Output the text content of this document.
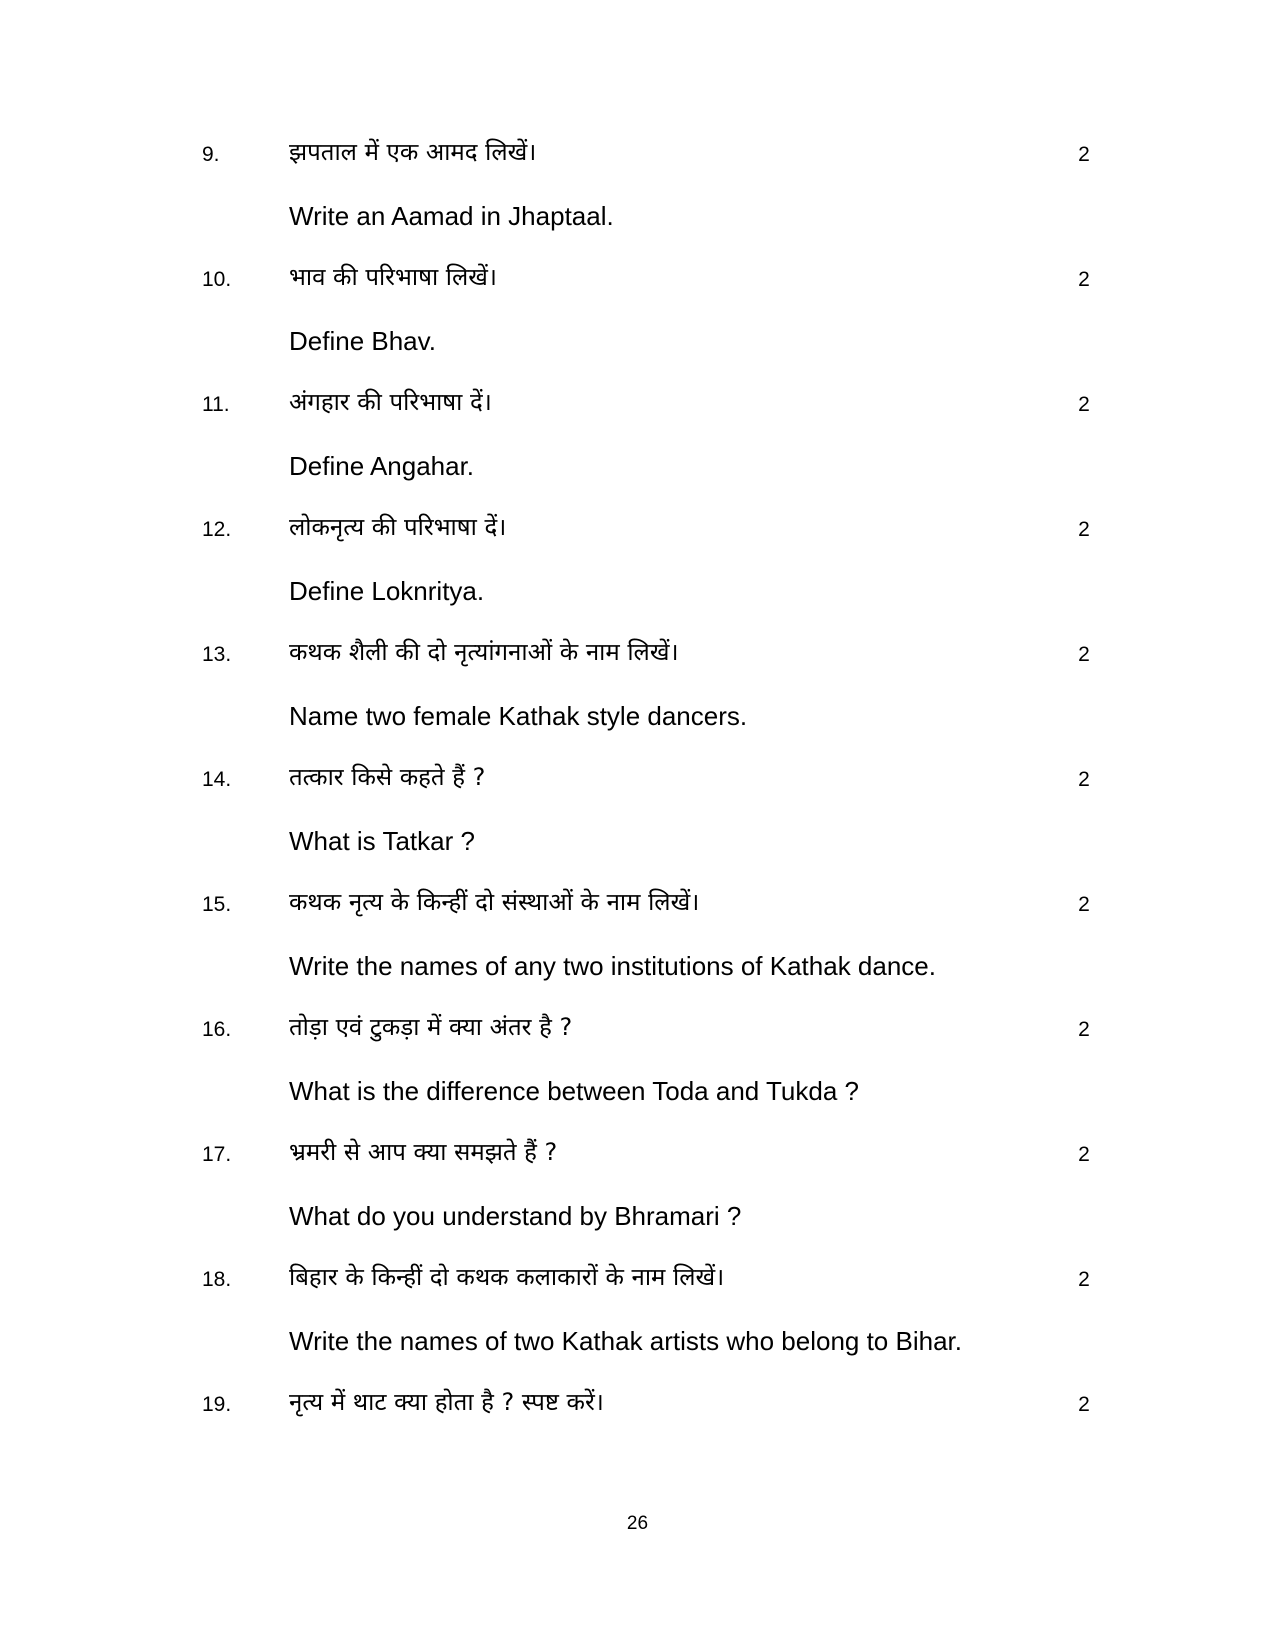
9.	झपताल में एक आमद लिखें।	2
Write an Aamad in Jhaptaal.
10.	भाव की परिभाषा लिखें।	2
Define Bhav.
11.	अंगहार की परिभाषा दें।	2
Define Angahar.
12.	लोकनृत्य की परिभाषा दें।	2
Define Loknritya.
13.	कथक शैली की दो नृत्यांगनाओं के नाम लिखें।	2
Name two female Kathak style dancers.
14.	तत्कार किसे कहते हैं ?	2
What is Tatkar ?
15.	कथक नृत्य के किन्हीं दो संस्थाओं के नाम लिखें।	2
Write the names of any two institutions of Kathak dance.
16.	तोड़ा एवं टुकड़ा में क्या अंतर है ?	2
What is the difference between Toda and Tukda ?
17.	भ्रमरी से आप क्या समझते हैं ?	2
What do you understand by Bhramari ?
18.	बिहार के किन्हीं दो कथक कलाकारों के नाम लिखें।	2
Write the names of two Kathak artists who belong to Bihar.
19.	नृत्य में थाट क्या होता है ? स्पष्ट करें।	2
26
